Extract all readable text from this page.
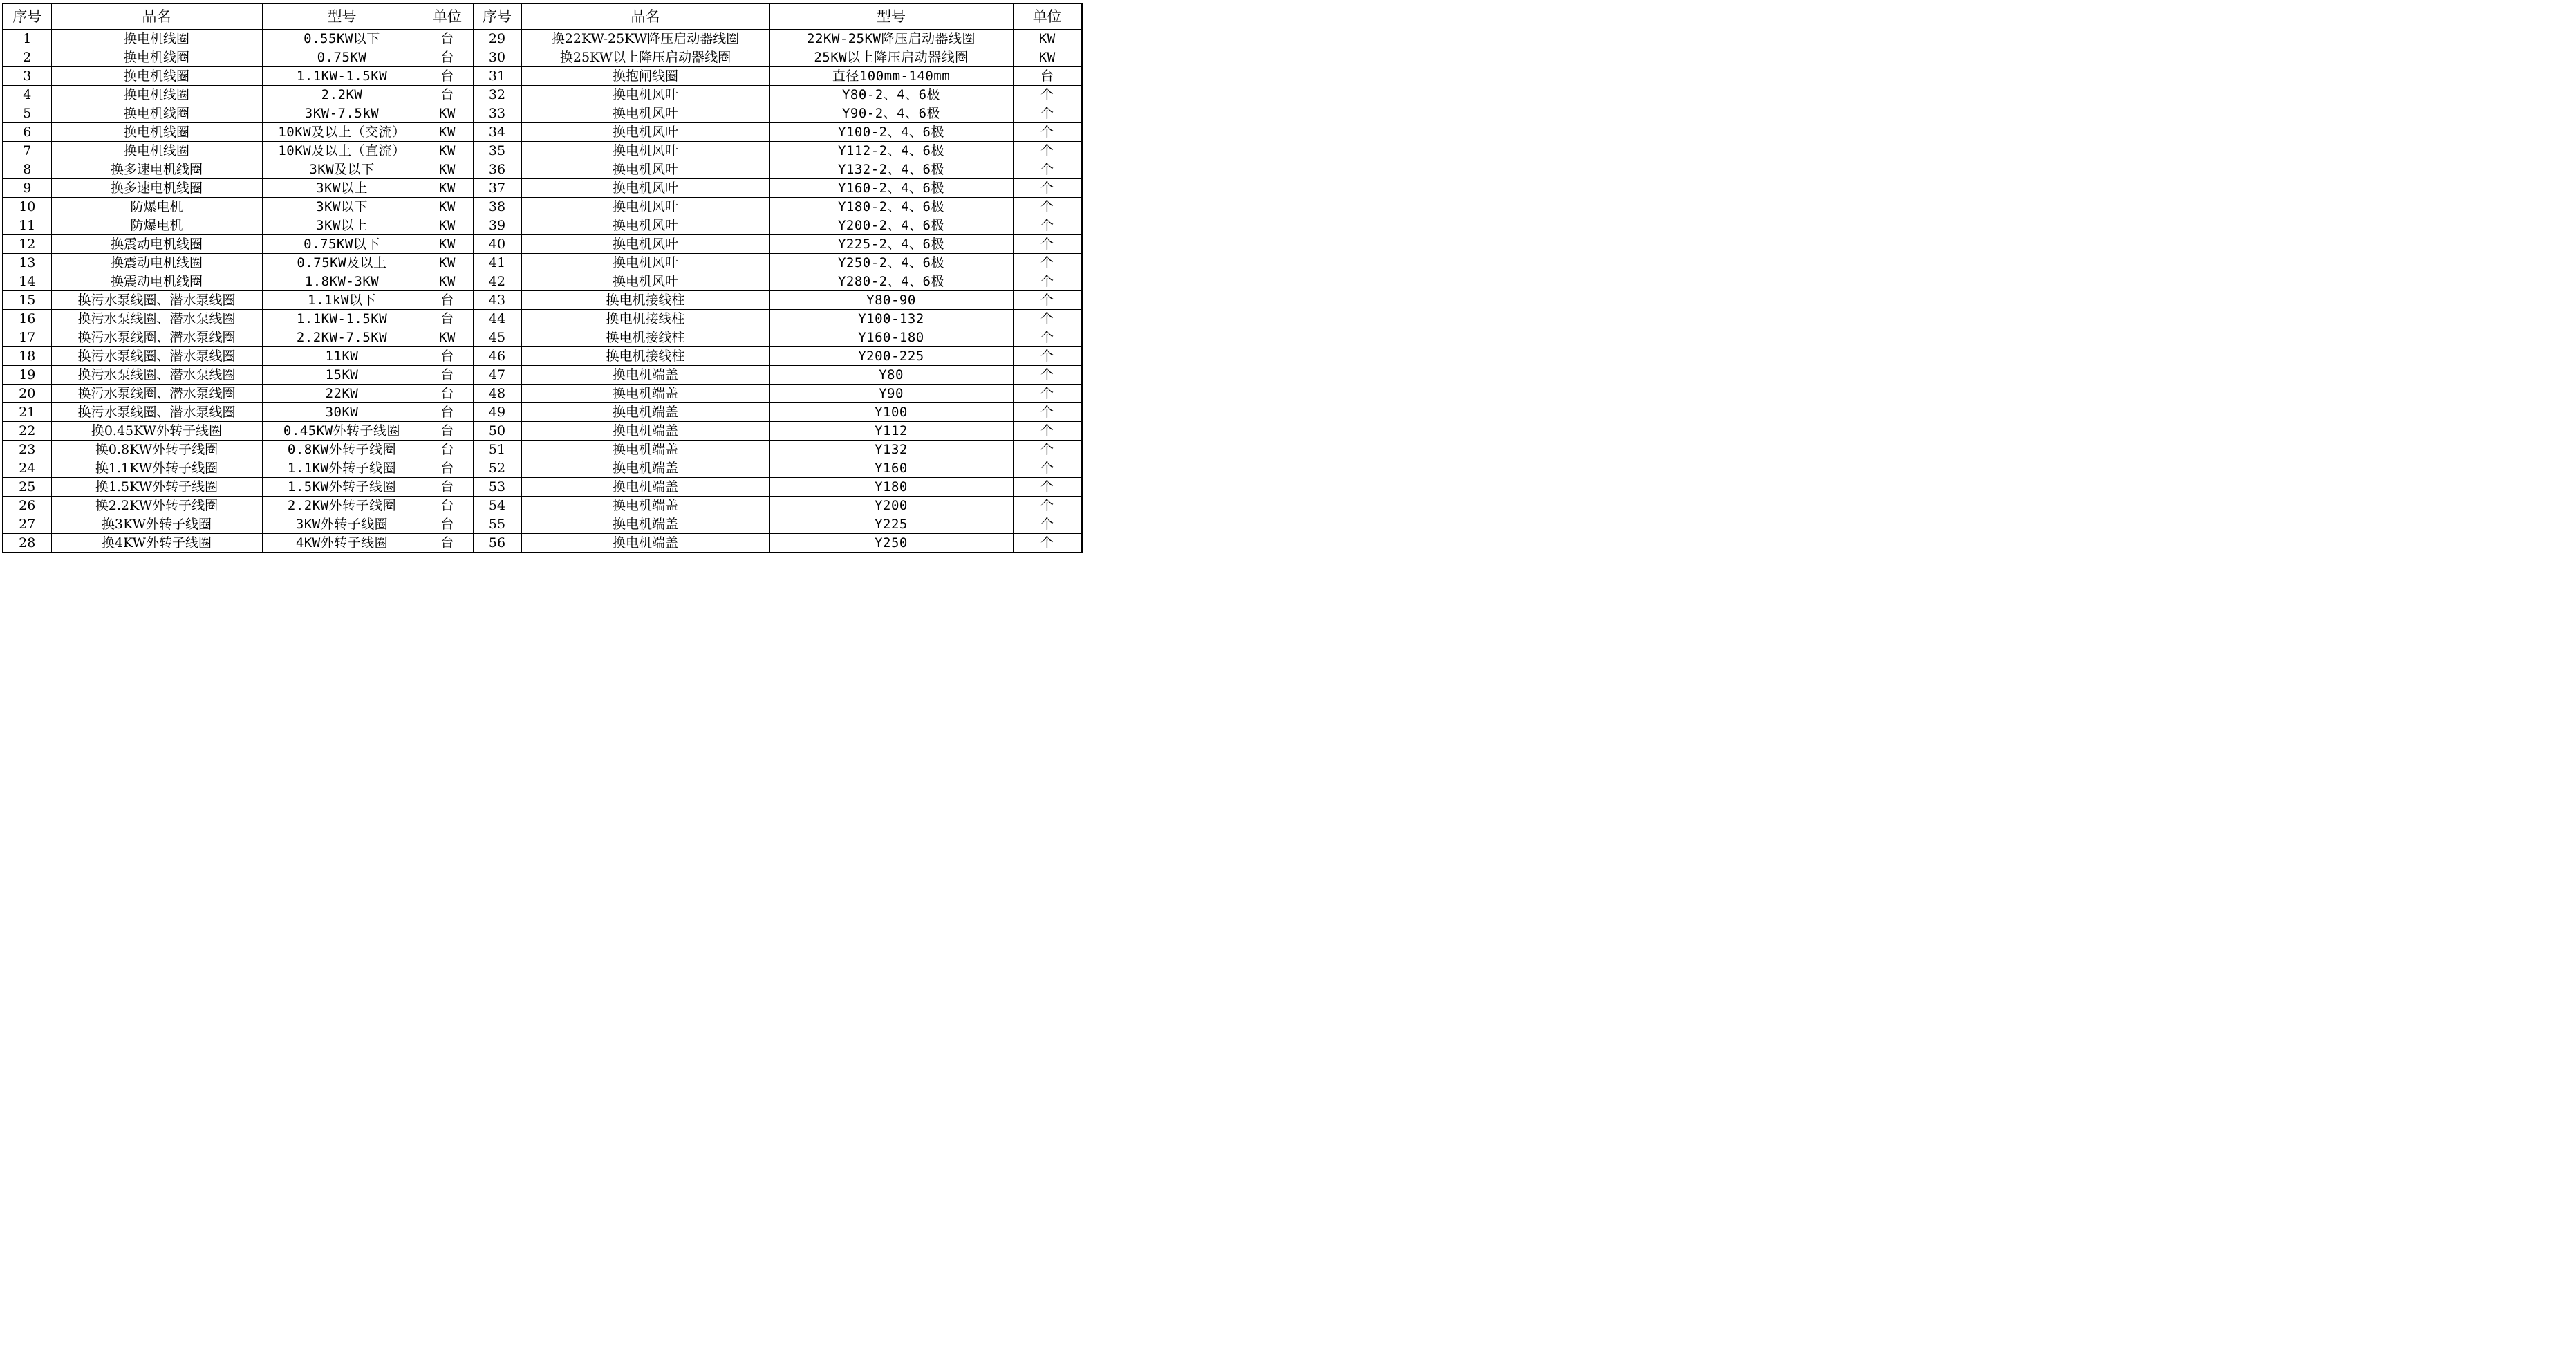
序号	品名	型号	单位	序号	品名	型号	单位
1	换电机线圈	0.55KW以下	台	29	换22KW-25KW降压启动器线圈	22KW-25KW降压启动器线圈	KW
2	换电机线圈	0.75KW	台	30	换25KW以上降压启动器线圈	25KW以上降压启动器线圈	KW
3	换电机线圈	1.1KW-1.5KW	台	31	换抱闸线圈	直径100mm-140mm	台
4	换电机线圈	2.2KW	台	32	换电机风叶	Y80-2、4、6极	个
5	换电机线圈	3KW-7.5kW	KW	33	换电机风叶	Y90-2、4、6极	个
6	换电机线圈	10KW及以上（交流）	KW	34	换电机风叶	Y100-2、4、6极	个
7	换电机线圈	10KW及以上（直流）	KW	35	换电机风叶	Y112-2、4、6极	个
8	换多速电机线圈	3KW及以下	KW	36	换电机风叶	Y132-2、4、6极	个
9	换多速电机线圈	3KW以上	KW	37	换电机风叶	Y160-2、4、6极	个
10	防爆电机	3KW以下	KW	38	换电机风叶	Y180-2、4、6极	个
11	防爆电机	3KW以上	KW	39	换电机风叶	Y200-2、4、6极	个
12	换震动电机线圈	0.75KW以下	KW	40	换电机风叶	Y225-2、4、6极	个
13	换震动电机线圈	0.75KW及以上	KW	41	换电机风叶	Y250-2、4、6极	个
14	换震动电机线圈	1.8KW-3KW	KW	42	换电机风叶	Y280-2、4、6极	个
15	换污水泵线圈、潜水泵线圈	1.1kW以下	台	43	换电机接线柱	Y80-90	个
16	换污水泵线圈、潜水泵线圈	1.1KW-1.5KW	台	44	换电机接线柱	Y100-132	个
17	换污水泵线圈、潜水泵线圈	2.2KW-7.5KW	KW	45	换电机接线柱	Y160-180	个
18	换污水泵线圈、潜水泵线圈	11KW	台	46	换电机接线柱	Y200-225	个
19	换污水泵线圈、潜水泵线圈	15KW	台	47	换电机端盖	Y80	个
20	换污水泵线圈、潜水泵线圈	22KW	台	48	换电机端盖	Y90	个
21	换污水泵线圈、潜水泵线圈	30KW	台	49	换电机端盖	Y100	个
22	换0.45KW外转子线圈	0.45KW外转子线圈	台	50	换电机端盖	Y112	个
23	换0.8KW外转子线圈	0.8KW外转子线圈	台	51	换电机端盖	Y132	个
24	换1.1KW外转子线圈	1.1KW外转子线圈	台	52	换电机端盖	Y160	个
25	换1.5KW外转子线圈	1.5KW外转子线圈	台	53	换电机端盖	Y180	个
26	换2.2KW外转子线圈	2.2KW外转子线圈	台	54	换电机端盖	Y200	个
27	换3KW外转子线圈	3KW外转子线圈	台	55	换电机端盖	Y225	个
28	换4KW外转子线圈	4KW外转子线圈	台	56	换电机端盖	Y250	个
